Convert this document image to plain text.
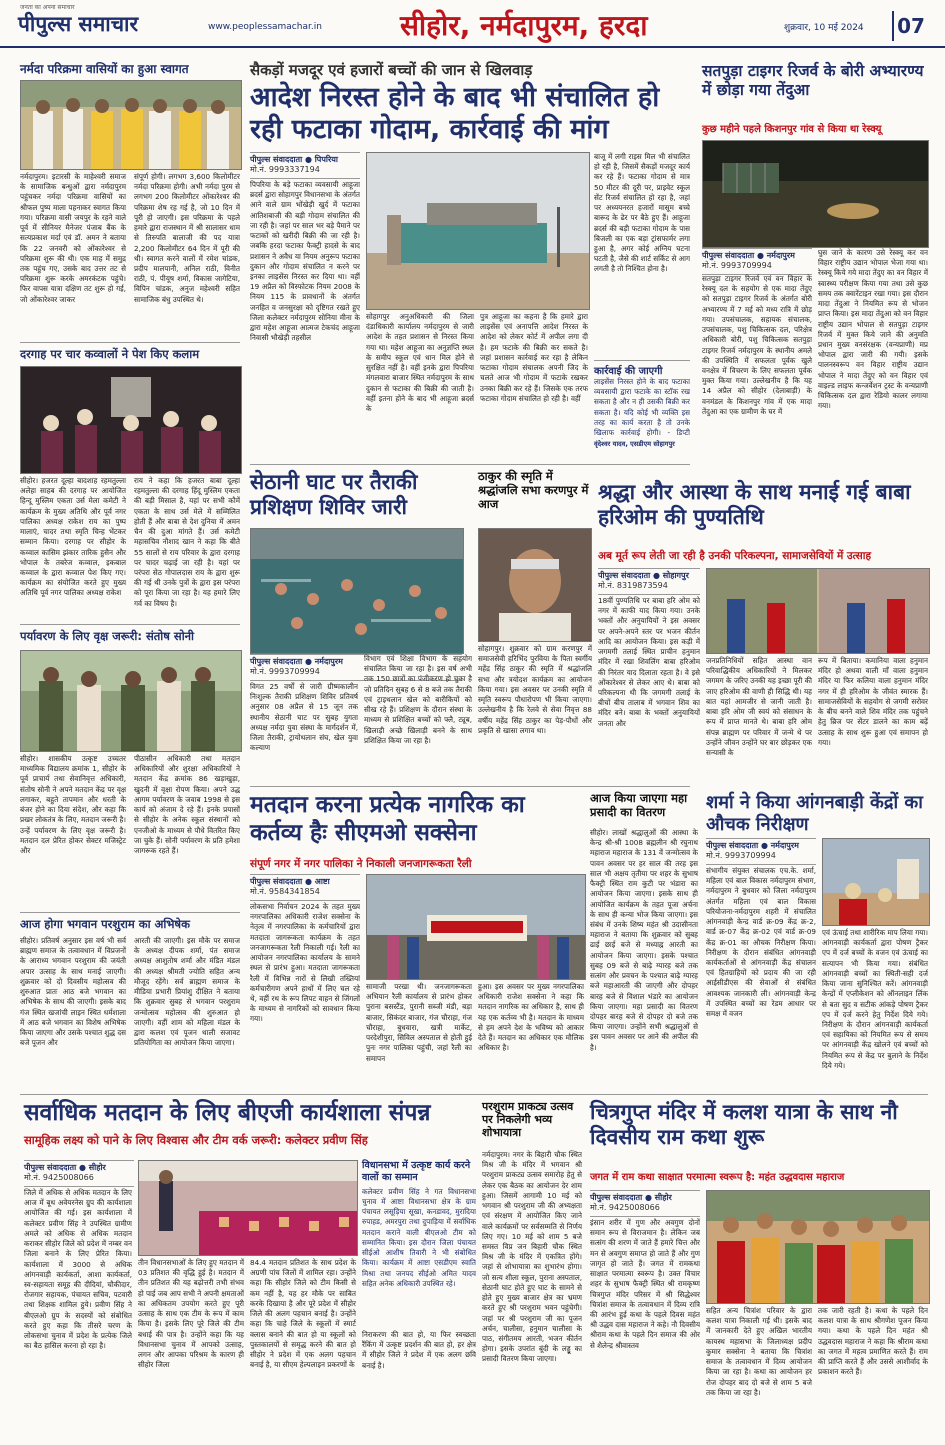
जनता का अपना समाचार
पीपुल्स समाचार	www.peoplessamachar.in	सीहोर, नर्मदापुरम, हरदा	शुक्रवार, 10 मई 2024 07
नर्मदा परिक्रमा वासियों का हुआ स्वागत

नर्मदापुरम। इटारसी के माहेश्वरी समाज के सामाजिक बन्धुओं द्वारा नर्मदापुरम पहुंचकर नर्मदा परिक्रमा वासियों का श्रीफल पुष्प माला पहनाकर स्वागत किया गया। परिक्रमा वासी जयपुर के रहने वाले पूर्व में सीनियर मैनेजर पंजाब बैंक के सत्यप्रकाश मर्दा एवं डॉ. अमन ने बताया कि 22 जनवरी को ओंकारेश्वर से परिक्रमा शुरू की थी। एक माह में समुद्र तक पहुंच गए, उसके बाद उत्तर तट से परिक्रमा शुरू करके अमरकंटक पहुंचे। फिर वापस यात्रा दक्षिण तट शुरू हो गई, जो ओंकारेश्वर जाकर

संपूर्ण होगी। लगभग 3,600 किलोमीटर नर्मदा परिक्रमा होगी। अभी नर्मदा पुरम से लगभग 200 किलोमीटर ओंकारेश्वर की परिक्रमा शेष रह गई है, जो 10 दिन में पूरी हो जाएगी। इस परिक्रमा के पहले हमारे द्वारा राजस्थान में श्री सालासर धाम से तिरुपति बालाजी की पद यात्रा 2,200 किलोमीटर 64 दिन में पूरी की थी। स्वागत करने वालों में रमेश चांडक, प्रदीप मालपानी, अनिल राठी, विनीत राठी, पं. पीयूष शर्मा, विकास जागेटिया, विपिन चांडक, अनुज महेश्वरी सहित सामाजिक बंधु उपस्थित थे।

दरगाह पर चार कव्वालों ने पेश किए कलाम

सीहोर। हजरत दूल्हा बादशाह रहमतुल्ला अलेहा साहब की दरगाह पर आयोजित हिन्दू मुस्लिम एकता उर्स मेला कमेटी ने कार्यक्रम के मुख्य अतिथि और पूर्व नगर पालिका अध्यक्ष राकेश राय का पुष्प मालाएं, चादर तथा स्मृति चिन्ह भेंटकर सम्मान किया। दरगाह पर सीहोर के कव्वाल कासिम झंकार तारिक हुसैन और भोपाल के तबरेज कव्वाल, इकबाल कव्वाल के द्वारा कव्वाल पेश किए गए। कार्यक्रम का संयोजित करते हुए मुख्य अतिथि पूर्व नगर पालिका अध्यक्ष राकेश

राय ने कहा कि हजरत बाबा दूल्हा रहमतुल्ला की दरगाह हिंदू मुस्लिम एकता की बड़ी मिसाल है, यहां पर सभी कौमें एकता के साथ उर्स मेले में सम्मिलित होती हैं और बाबा से देश दुनिया में अमन चैन की दुआ मांगते हैं। उर्स कमेटी महासचिव नौशाद खान ने कहा कि बीते 55 सालों से राय परिवार के द्वारा दरगाह पर चादर चढ़ाई जा रही है। यहां पर परंपरा सेठ गोपालदास राय के द्वारा शुरू की गई थी उनके पुत्रों के द्वारा इस परंपरा को पूरा किया जा रहा है। यह हमारे लिए गर्व का विषय है।

पर्यावरण के लिए वृक्ष जरूरी: संतोष सोनी

सीहोर। शासकीय उत्कृष्ट उच्चतर माध्यमिक विद्यालय क्रमांक 1, सीहोर के पूर्व प्राचार्य तथा सेवानिवृत्त अधिकारी, संतोष सोनी ने अपने मतदान केंद्र पर वृक्ष लगाकर, बहुते तापमान और धरती के बंजर होने का दिया संदेश, और कहा कि प्रखर लोकतंत्र के लिए, मतदान जरूरी है। उन्हें पर्यावरण के लिए वृक्ष जरूरी है। मतदान दल प्रेरित होकर सेक्टर मजिस्ट्रेट और

पीठासीन अधिकारी तथा मतदान अधिकारियों और शुरक्षा अधिकारियों ने मतदान केंद्र क्रमांक 86 खड़ाखुड़ा, खुदनी में वृक्षा रोपण किया। अपने उद्ध आगम पर्यावरण के जवाब 1998 से इस कार्य को अंजाम दे रहे हैं। इनके प्रयासों से सीहोर के अनेक स्कूल संस्थानों को एनजीओ के माध्यम से पौधे वितरित किए जा चुके हैं। सोनी पर्यावरण के प्रति हमेशा जागरूक रहते हैं।

आज होगा भगवान परशुराम का अभिषेक

सीहोर। प्रतिवर्ष अनुसार इस वर्ष भी सर्व ब्राह्मण समाज के तत्वावधान में विप्रजनों के आराध्य भगवान परशुराम की जयंती अपार उत्साह के साथ मनाई जाएगी। शुक्रवार को दो दिवसीय महोत्सव की शुरुआत प्रातः आठ बजे भगवान का अभिषेक के साथ की जाएगी। इसके बाद गंज स्थित खजांची लाइन स्थित धर्मशाला में आठ बजे भगवान का विशेष अभिषेक किया जाएगा और उसके पश्चात शुद्ध दस बजे पूजन और

आरती की जाएगी। इस मौके पर समाज के अध्यक्ष दीपक शर्मा, पंत समाज अध्यक्ष आशुतोष शर्मा और मंडित मंडल की अध्यक्ष श्रीमती ज्योति सहित अन्य मौजूद रहेंगे। सर्व ब्राह्मण समाज के मीडिया प्रभारी प्रियांशु दीक्षित ने बताया कि शुक्रवार सुबह से भगवान परशुराम जन्मोत्सव महोत्सव की शुरुआत हो जाएगी। वहीं शाम को महिला मंडल के द्वारा कलश एवं पूजन थाली सजावट प्रतियोगिता का आयोजन किया जाएगा।

सैकड़ों मजदूर एवं हजारों बच्चों की जान से खिलवाड़
आदेश निरस्त होने के बाद भी संचालित हो रही फटाका गोदाम, कार्रवाई की मांग
पीपुल्स संवाददाता ● पिपरिया
मो.नं. 9993337194

पिपरिया के बड़े फटाका व्यवसायी आहूजा ब्रदर्स द्वारा सोहागपुर विधानसभा के अंतर्गत आने वाले ग्राम भोंखेड़ी खुर्द में फटाका आतिशबाजी की बड़ी गोदाम संचालित की जा रही है। जहां पर साल भर बड़े पैमाने पर फटाकों को खरीदी बिक्री की जा रही है। जबकि हरदा फटाका फैक्ट्री हादसे के बाद प्रशासन ने अवैध या नियम अनुरूप फटाका दुकान और गोदाम संचालित न करने पर इनका लाइसेंस निरस्त कर दिया था। वहीं 19 अप्रैल को विस्फोटक नियम 2008 के नियम 115 के प्रावधानों के अंतर्गत जनहित व जनसुरक्षा को दृष्टिगत रखते हुए जिला कलेक्टर नर्मदापुरम सोनिया मीना के द्वारा महेश आहूजा आत्मज टेकचंद आहूजा निवासी भौखेड़ी तहसील

सोहागपुर अनुअधिकारी की जिला दंडाधिकारी कार्यालय नर्मदापुरम से जारी आदेश के तहत प्रशासन से निरस्त किया गया था। महेश आहूजा का अनुज्ञप्ति स्थल के समीप स्कूल एवं धान मिल होने से सुरक्षित नहीं है। वहीं इनके द्वारा पिपरिया मंगलवारा बाजार स्थित नर्मदापुरम के साथ दुकान से फटाका की बिक्री की जाती है। वहीं इतना होने के बाद भी आहूजा ब्रदर्स के

पुत्र आहूजा का कहना है कि हमारे द्वारा लाइसेंस एवं अनापत्ति आदेश निरस्त के आदेश को लेकर कोर्ट में अपील लगा दी है। हम फटाके की बिक्री कर सकते है। जहां प्रशासन कार्रवाई कर रहा है लेकिन फटाका गोदाम संचालक अपनी जिद के चलते आज भी गोदाम में फटाके रखकर उनका बिक्री कर रहे हैं। जिसके एक तरफ फटाका गोदाम संचालित हो रही है। वहीं

बाजू में लगी राइस मिल भी संचालित हो रही है, जिसमें सैकड़ों मजदूर कार्य कर रहे हैं। फटाका गोदाम से मात्र 50 मीटर की दूरी पर, प्राइवेट स्कूल सेंट रिजर्व संचालित हो रहा है, जहां पर अध्ययनरत हजारों मासूम बच्चे बारूद के ढेर पर बैठे हुए हैं। आहूजा ब्रदर्स की बड़ी फटाका गोदाम के पास बिजली का एक बड़ा ट्रांसफार्मर लगा हुआ है, अगर कोई अग्निय घटना घटती है, जैसे की शार्ट सर्किट से आग लगती है तो निश्चित होना है।

कार्रवाई की जाएगी

लाइसेंस निरस्त होने के बाद फटाका व्यवसायी द्वारा फटाके का स्टॉक रख सकता है और न ही उसकी बिक्री कर सकता है। यदि कोई भी व्यक्ति इस तरह का कार्य करता है तो उनके खिलाफ कार्रवाई होगी। - डिप्टी

वृंदेश्वर यादव, एसडीएम सोहागपुर
सतपुड़ा टाइगर रिजर्व के बोरी अभ्यारण्य में छोड़ा गया तेंदुआ
कुछ महीने पहले किशनपुर गांव से किया था रेस्क्यू
पीपुल्स संवाददाता ● नर्मदापुरम
मो.नं. 9993709994

सतपुड़ा टाइगर रिजर्व एवं वन विहार के रेस्क्यू दल के सहयोग से एक मादा तेंदुए को सतपुड़ा टाइगर रिजर्व के अंतर्गत बोरी अभ्यारण्य में 7 मई को मध्य रात्रि में छोड़ गया। उपसंचालक, सहायक संचालक, उपसंचालक, पशु चिकित्सक दल, परिक्षेत्र अधिकारी बोरी, पशु चिकित्सक सतपुड़ा टाइगर रिजर्व नर्मदापुरम के स्थानीय अमले की उपस्थिति में सफलता पूर्वक खुले वनक्षेत्र में विचरण के लिए सफलता पूर्वक मुक्त किया गया। उल्लेखनीय है कि यह 14 अप्रैल को सीहोर (देलाबाड़ी) के वनमंडल के किशनपुर गांव में एक मादा तेंदुआ का एक ग्रामीण के घर में

घुस जाने के कारण उसे रेस्क्यू कर वन विहार राष्ट्रीय उद्यान भोपाल भेजा गया था। रेस्क्यू किये गये मादा तेंदुए का वन विहार में स्वास्थ्य परीक्षण किया गया तथा उसे कुछ समय तक क्वारेंटाइन रखा गया। इस दौरान मादा तेंदुआ ने नियमित रूप से भोजन प्राप्त किया। इस मादा तेंदुआ को वन विहार राष्ट्रीय उद्यान भोपाल से सतपुड़ा टाइगर रिजर्व में मुक्त किये जाने की अनुमति प्रधान मुख्य वनसंरक्षक (वन्यप्राणी) मप्र भोपाल द्वारा जारी की गयी। इसके पालनस्वरूप वन विहार राष्ट्रीय उद्यान भोपाल ने मादा तेंदुए को वन विहार एवं वाइल्ड लाइफ कन्जर्वेशन ट्रस्ट के वन्यप्राणी चिकित्सक दल द्वारा रेडियो कालर लगाया गया।

सेठानी घाट पर तैराकी प्रशिक्षण शिविर जारी
पीपुल्स संवाददाता ● नर्मदापुरम
मो.नं. 9993709994

विगत 25 वर्षों से जारी ग्रीष्मकालीन निःशुल्क तैराकी प्रशिक्षण शिविर प्रतिवर्ष अनुसार 08 अप्रैल से 15 जून तक स्थानीय सेठानी घाट पर सुबह युगता अध्यक्ष नर्मदा युवा संस्था के मार्गदर्शन में, जिला तैराकी, ट्रायोथलान संघ, खेल युवा कल्याण

विभाग एवं शिक्षा विभाग के सहयोग संचालित किया जा रहा है। इस वर्ष अभी तक 150 छात्रों का पंजीकरण हो चुका है जो प्रतिदिन सुबह 6 से 8 बजे तक तैराकी एवं ट्राइथलान खेल को बारीकियों को सीख रहे हैं। प्रशिक्षण के दौरान संस्था के माध्यम से प्रशिक्षित बच्चों को फ्लै, ट्यूब, खिलाड़ी अच्छे खिलाड़ी बनने के साथ प्रशिक्षित किया जा रहा है।

ठाकुर की स्मृति में श्रद्धांजलि सभा करणपुर में आज

सोहागपुर। शुक्रवार को ग्राम करणपुर में समाजसेवी हरिभिंद पुरविया के पिता स्वर्गीय महेंद्र सिंह ठाकुर की स्मृति में श्रद्धांजलि सभा और त्रयोदश कार्यक्रम का आयोजन किया गया। इस अवसर पर उनकी स्मृति में स्मृति स्वरूप पौधारोपण भी किया जाएगा। उल्लेखनीय है कि रेलवे से सेवा निवृत्त 88 वर्षीय महेंद्र सिंह ठाकुर का पेड़-पौधों और प्रकृति से खासा लगाव था।

श्रद्धा और आस्था के साथ मनाई गई बाबा हरिओम की पुण्यतिथि
अब मूर्त रूप लेती जा रही है उनकी परिकल्पना, सामाजसेवियों में उत्साह
पीपुल्स संवाददाता ● सोहागपुर
मो.नं. 8319873594

18वीं पुण्यतिथि पर बाबा हरि ओम को नगर में काफी याद किया गया। उनके भक्तों और अनुयायियों ने इस अवसर पर अपने-अपने स्तर पर भजन कीर्तन आदि का आयोजन किया। इस कड़ी में जगमगी तलाई स्थित प्राचीन हनुमान मंदिर में रखा शिवलिंग बाबा हरिओम की निरंतर याद दिलाता रहता है। वे इसे ओंकारेश्वर से लेकर आए थे। बाबा को परिकल्पना थी कि जगमगी तलाई के बीचों बीच तालाब में भगवान शिव का मंदिर बने। बाबा के भक्तों अनुयायियों जनता और

जनप्रतिनिधियों सहित आस्था वान परिवाद्धिकीय अधिकारियों ने मिलकर जगमग के जरिए उनकी यह इच्छा पूरी की जाए हरिओम की वाणी ही सिद्धि थी। यह बात यहां आमजीर से जानी जाती है। बाबा हरि ओम जी स्वयं को संसाधन के रूप में प्राप्त मानते थे। बाबा हरि ओम संपन्न ब्राह्मण पर परिवार में जन्मे थे पर उन्होंने जीवन उन्होंने घर बार छोड़कर एक सन्यासी के

रूप में बिताया। कमानिया वाला हनुमान मंदिर हो अथवा वाली माँ वाला हनुमान मंदिर या फिर कलिया वाला हनुमान मंदिर नगर में ही हरिओम के जीवंत स्मारक हैं। सामाजसेवियों के सहयोग से जगमी सरोवर के बीच बनने वाले शिव मंदिर तक पहुंचने हेतु ब्रिज पर सेंटर डालने का काम बढ़ें उत्साह के साथ शुरू हुआ एवं समापन हो गया।

मतदान करना प्रत्येक नागरिक का कर्तव्य हैः सीएमओ सक्सेना
संपूर्ण नगर में नगर पालिका ने निकाली जनजागरूकता रैली
पीपुल्स संवाददाता ● आष्टा
मो.नं. 9584341854

लोकसभा निर्वाचन 2024 के तहत मुख्य नगरपालिका अधिकारी राजेश सक्सेना के नेतृत्व में नगरपालिका के कर्मचारियों द्वारा मतदाता जागरूकता कार्यक्रम के तहत जनजागरूकता रैली निकाली गई। रैली का आयोजन नगरपालिका कार्यालय के सामने स्थल से प्रारंभ हुआ। मतदाता जागरूकता रैली में विभिन्न नारों से लिखी तख्तियां कर्मचारीगण अपने हाथों में लिए चल रहे थे, वहीं रथ के रूप लिपट वाहन से जिंगलों के माध्यम से नागरिकों को सावधान किया गया।

सामाजी परखा थी। जनजागरूकता अभियान रैली कार्यालय से प्रारंभ होकर पुराना बसस्टैंड, पुरानी सब्जी मंडी, बड़ा बाजार, सिकंदर बाजार, गंज चौराहा, गंज चौराहा, बुधवारा, खत्री मार्केट, परदेशीपुरा, सिविल अस्पताल से होती हुई पुनः नगर पालिका पहुंची, जहां रैली का समापन

हुआ। इस अवसर पर मुख्य नगरपालिका अधिकारी राजेश सक्सेना ने कहा कि मतदान नागरिक का अधिकार है, साथ ही यह एक कर्तव्य भी है। मतदान के माध्यम से हम अपने देश के भविष्य को आकार देते हैं। मतदान का अधिकार एक मौलिक अधिकार है।

आज किया जाएगा महा प्रसादी का वितरण

सीहोर। लाखों श्रद्धालुओं की आस्था के केन्द्र श्री-श्री 1008 ब्रह्मलीन श्री रघुनाथ महाराज महाराज के 131 वें जन्मोत्सव के पावन अवसर पर हर साल की तरह इस साल भी अक्षय तृतीया पर शहर के सुभाष फैक्ट्री स्थित राम कुटी पर भंडारा का आयोजन किया जाएगा। इसके साथ ही आयोजित कार्यक्रम के तहत पूजा अर्चना के साथ ही कन्या भोज किया जाएगा। इस संबंध में उनके शिष्य महंत श्री उदासीनता महाराज ने बताया कि शुक्रवार को सुबह ढाई छाई बजे से मध्याह्न आरती का आयोजन किया जाएगा। इसके पश्चात सुबह 09 बजे से बाढ़े ग्यारह बजे तक सत्संग और प्रवचन के पश्चात बाढ़े ग्यारह बजे महाआरती की जाएगी और दोपहर बारह बजे से विशाल भंडारे का आयोजन किया जाएगा। महा प्रसादी का वितरण दोपहर बारह बजे से दोपहर दो बजे तक किया जाएगा। उन्होंने सभी श्रद्धालुओं से इस पावन अवसर पर आने की अपील की है।

शर्मा ने किया आंगनबाड़ी केंद्रों का औचक निरीक्षण
पीपुल्स संवाददाता ● नर्मदापुरम
मो.नं. 9993709994

संभागीय संयुक्त संचालक एच.के. शर्मा, महिला एवं बाल विकास नर्मदापुरम संभाग, नर्मदापुरम ने बुधवार को जिला नर्मदापुरम अंतर्गत महिला एवं बाल विकास परियोजना-नर्मदापुरम शहरी में संचालित आंगनवाड़ी केन्द्र वार्ड क्र-09 केंद्र क्र-2, वार्ड क्र-07 केंद्र क्र-02 एवं वार्ड क्र-09 केंद्र क्र-01 का औचक निरीक्षण किया। निरीक्षण के दौरान संबंधित आंगनवाड़ी कार्यकर्ताओं से आंगनवाड़ी केंद्र संचालन एवं हितग्राहियों को प्रदाय की जा रही आईसीडीएस की सेवाओं से संबंधित आवश्यक जानकारी ली। आंगनवाड़ी केन्द्र में उपस्थित बच्चों का रेडम आधार पर समक्ष में वजन

एवं ऊंचाई तथा शारीरिक माप लिया गया। आंगनवाड़ी कार्यकर्ता द्वारा पोषण ट्रैकर एप में दर्ज बच्चों के वजन एवं ऊंचाई का सत्यापन भी किया गया। संबंधित आंगनवाड़ी बच्चों का स्थिती-सही दर्ज किया जाना सुनिश्चित करें। आंगनवाड़ी केन्द्रों में एप्लीकेशन को ऑनलाइन लिंक से बता सुद व सटीक आंकड़े पोषण ट्रैकर एप में दर्ज करने हेतु निर्देश दिये गये। निरीक्षण के दौरान आंगनवाड़ी कार्यकर्ता एवं सहायिका को नियमित रूप से समय पर आंगनवाड़ी केंद्र खोलने एवं बच्चों को नियमित रूप से केंद्र पर बुलाने के निर्देश दिये गये।

सर्वाधिक मतदान के लिए बीएजी कार्यशाला संपन्न
सामूहिक लक्ष्य को पाने के लिए विश्वास और टीम वर्क जरूरी: कलेक्टर प्रवीण सिंह
पीपुल्स संवाददाता ● सीहोर
मो.नं. 9425008066

जिले में अधिक से अधिक मतदान के लिए आज में बूथ अवेयरनेस ग्रुप की कार्यशाला आयोजित की गई। इस कार्यशाला में कलेक्टर प्रवीण सिंह ने उपस्थित ग्रामीण अमले को अधिक से अधिक मतदान कराकर सीहोर जिले को प्रदेश में नम्बर वन जिला बनाने के लिए प्रेरित किया। कार्यशाला में 3000 से अधिक आंगनवाड़ी कार्यकर्ता, आशा कार्यकर्ता, स्व-सहायता समूह की दीदियां, चौकीदार, रोजगार सहायक, पंचायत सचिव, पटवारी तथा शिक्षक शामिल हुये। प्रवीण सिंह ने बीएलओ ग्रुप के सदस्यों को संबोधित करते हुए कहा कि तीसरे चरण के लोकसभा चुनाव में प्रदेश के प्रत्येक जिले का बैठ हासिल करना हो रहा है।

तीन विधानसभाओं के लिए हुए मतदान में 03 प्रतिशत की वृद्धि हुई है। मतदान में तीन प्रतिशत की यह बढ़ोत्तरी तभी संभव हो पाई जब आप सभी ने अपनी क्षमताओं का अधिकतम उपयोग करते हुए पूरी उत्साह के साथ एक टीम के रूप में काम किया है। इसके लिए पूरे जिले की टीम बधाई की पात्र है। उन्होंने कहा कि यह विधानसभा चुनाव में आपको उत्साह, लगन और आपका परिश्रम के कारण ही सीहोर जिला

84.4 मतदान प्रतिशत के साथ प्रदेश के अग्रणी पांच जिलों में शामिल रहा। उन्होंने कहा कि सीहोर जिले को टीम किसी से कम नहीं है, यह हर मौके पर साबित करके दिखाया है और पूरे प्रदेश में सीहोर जिले की अलग पहचान बनाई है। उन्होंने कहा कि चाहे जिले के स्कूलों में स्मार्ट क्लास बनाने की बात हो या स्कूलों को पुस्तकालयों से समृद्ध करने की बात हो सीहोर ने प्रदेश में एक अलग पहचान बनाई है, या सीएम हेल्पलाइन प्रकरणों के

विधानसभा में उत्कृष्ट कार्य करने वालों का सम्मान

कलेक्टर प्रवीण सिंह ने गत विधानसभा चुनाव में आष्टा विधानसभा क्षेत्र के ग्राम पंचायत लसूड़िया सूखा, कनडावद, मुरादिया रुपाहड, अमरपुरा तथा दुपाड़िया में सर्वाधिक मतदान कराने वाली बीएलओ टीम को सम्मानित किया। इस दौरान जिला पंचायत सीईओ आशीष तिवारी ने भी संबोधित किया। कार्यक्रम में आष्टा एसडीएम स्वाति मिश्रा तथा जनपद सीईओ अमित यादव सहित अनेक अधिकारी उपस्थित रहे।

निराकरण की बात हो, या फिर स्वच्छता रैंकिंग में उत्कृष्ट प्रदर्शन की बात हो, हर क्षेत्र में सीहोर जिले ने प्रदेश में एक अलग छवि बनाई है।

परशुराम प्राकट्य उत्सव पर निकलेगी भव्य शोभायात्रा

नर्मदापुरम। नगर के बिहारी चौक स्थित मिश्र जी के मंदिर में भगवान श्री परशुराम प्राकट्य उत्सव समारोह हेतु से लेकर एक बैठक का आयोजन देर शाम हुआ। जिसमें आगामी 10 मई को भगवान श्री परशुराम जी की अभ्यक्षता एवं संरक्षण में आयोजित किए जाने वाले कार्यक्रमों पर सर्वसम्मति से निर्णय लिए गए। 10 मई को शाम 5 बजे समस्त विप्र जन बिहारी चौक स्थित मिश्र जी के मंदिर में एकत्रित होंगे। जहां से शोभायात्रा का शुभारंभ होगा। जो सत्य शीला स्कूल, पुराना अस्पताल, सेठानी घाट होते हुए घाट के सामने से होते हुए मुख्य बाजार क्षेत्र का भ्रमण करते हुए श्री परशुराम भवन पहुंचेगी। जहां पर श्री परशुराम जी का पूजन अर्चन, चालीसा, हनुमान चालीसा के पाठ, संगीतमय आरती, भजन कीर्तन होगा। इसके उपरांत बूंदी के लड्डू का प्रसादी वितरण किया जाएगा।

चित्रगुप्त मंदिर में कलश यात्रा के साथ नौ दिवसीय राम कथा शुरू
जगत में राम कथा साक्षात परमात्मा स्वरूप है: महंत उद्धवदास महाराज
पीपुल्स संवाददाता ● सीहोर
मो.नं. 9425008066

इंसान शरीर में गुण और अवगुण दोनों समान रूप से विराजमान है। लेकिन जब सत्संग की शरण में जाते हैं हमारे चित्त और मन से अवगुण समाप्त हो जाते हैं और गुण जागृत हो जाते हैं। जगत में रामकथा साक्षात परमात्मा स्वरूप है। उक्त विचार शहर के सुभाष फैक्ट्री स्थित श्री रामकृष्ण चित्रगुप्त मंदिर परिसर में श्री सिद्धेश्वर चित्रांश समाज के तत्वावधान में दिव्य रात्रि की आरंभ हुई कथा के पहले दिवस महंत श्री उद्धव दास महाराज ने कहे। नौ दिवसीय श्रीराम कथा के पहले दिन समाज की ओर से शैलेन्द्र श्रीवास्तव

सहित अन्य चित्रांश परिवार के द्वारा कलश यात्रा निकाली गई थी। इसके बाद में जानकारी देते हुए अखिल भारतीय कायस्थ महासभा के जिलाध्यक्ष प्रदीप कुमार सक्सेना ने बताया कि चित्रांश समाज के तत्वावधान में दिव्य आयोजन किया जा रहा है। कथा का आयोजन हर रोज दोपहर बाद दो बजे से शाम 5 बजे तक किया जा रहा है।

तक जारी रहती है। कथा के पहले दिन कलश यात्रा के साथ श्रीगणेश पूजन किया गया। कथा के पहले दिन महंत श्री उद्धवदास महाराज ने कहा कि श्रीराम कथा का जगत में महत्व प्रमाणित करते हैं। राम की प्राप्ति करते हैं और उससे आशीर्वाद के प्रकाशन करते हैं।
